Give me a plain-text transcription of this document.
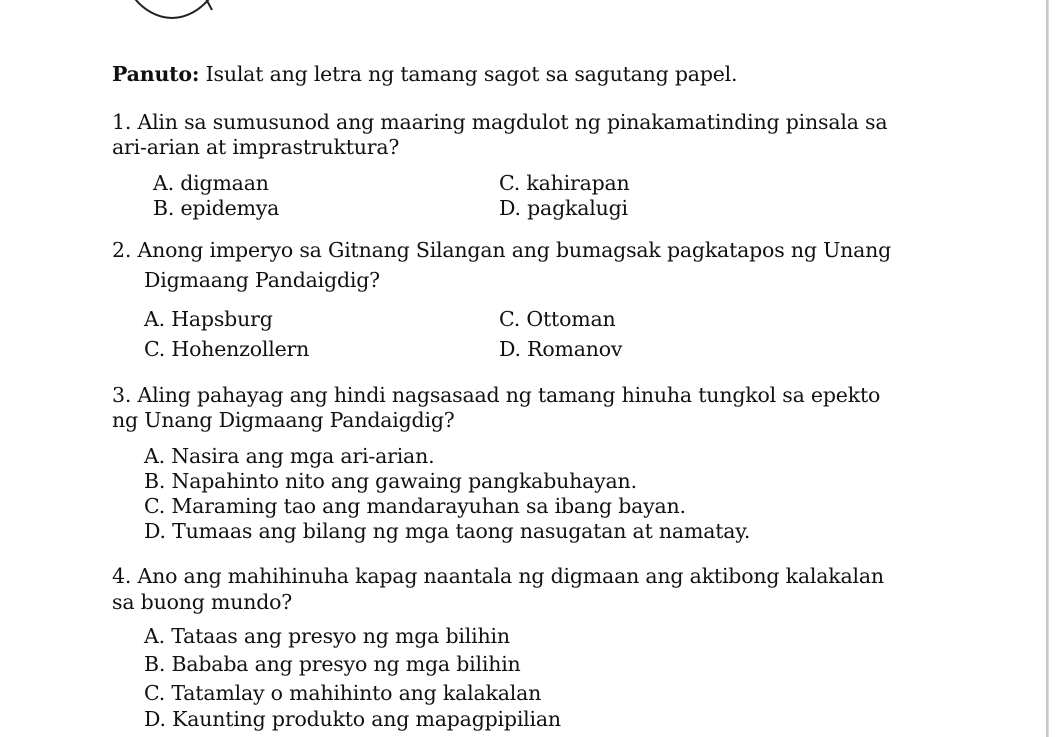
Panuto: Isulat ang letra ng tamang sagot sa sagutang papel.
1. Alin sa sumusunod ang maaring magdulot ng pinakamatinding pinsala sa
ari-arian at imprastruktura?
A. digmaan
B. epidemya
C. kahirapan
D. pagkalugi
2. Anong imperyo sa Gitnang Silangan ang bumagsak pagkatapos ng Unang
Digmaang Pandaigdig?
A. Hapsburg
C. Hohenzollern
C. Ottoman
D. Romanov
3. Aling pahayag ang hindi nagsasaad ng tamang hinuha tungkol sa epekto
ng Unang Digmaang Pandaigdig?
A. Nasira ang mga ari-arian.
B. Napahinto nito ang gawaing pangkabuhayan.
C. Maraming tao ang mandarayuhan sa ibang bayan.
D. Tumaas ang bilang ng mga taong nasugatan at namatay.
4. Ano ang mahihinuha kapag naantala ng digmaan ang aktibong kalakalan
sa buong mundo?
A. Tataas ang presyo ng mga bilihin
B. Bababa ang presyo ng mga bilihin
C. Tatamlay o mahihinto ang kalakalan
D. Kaunting produkto ang mapagpipilian
